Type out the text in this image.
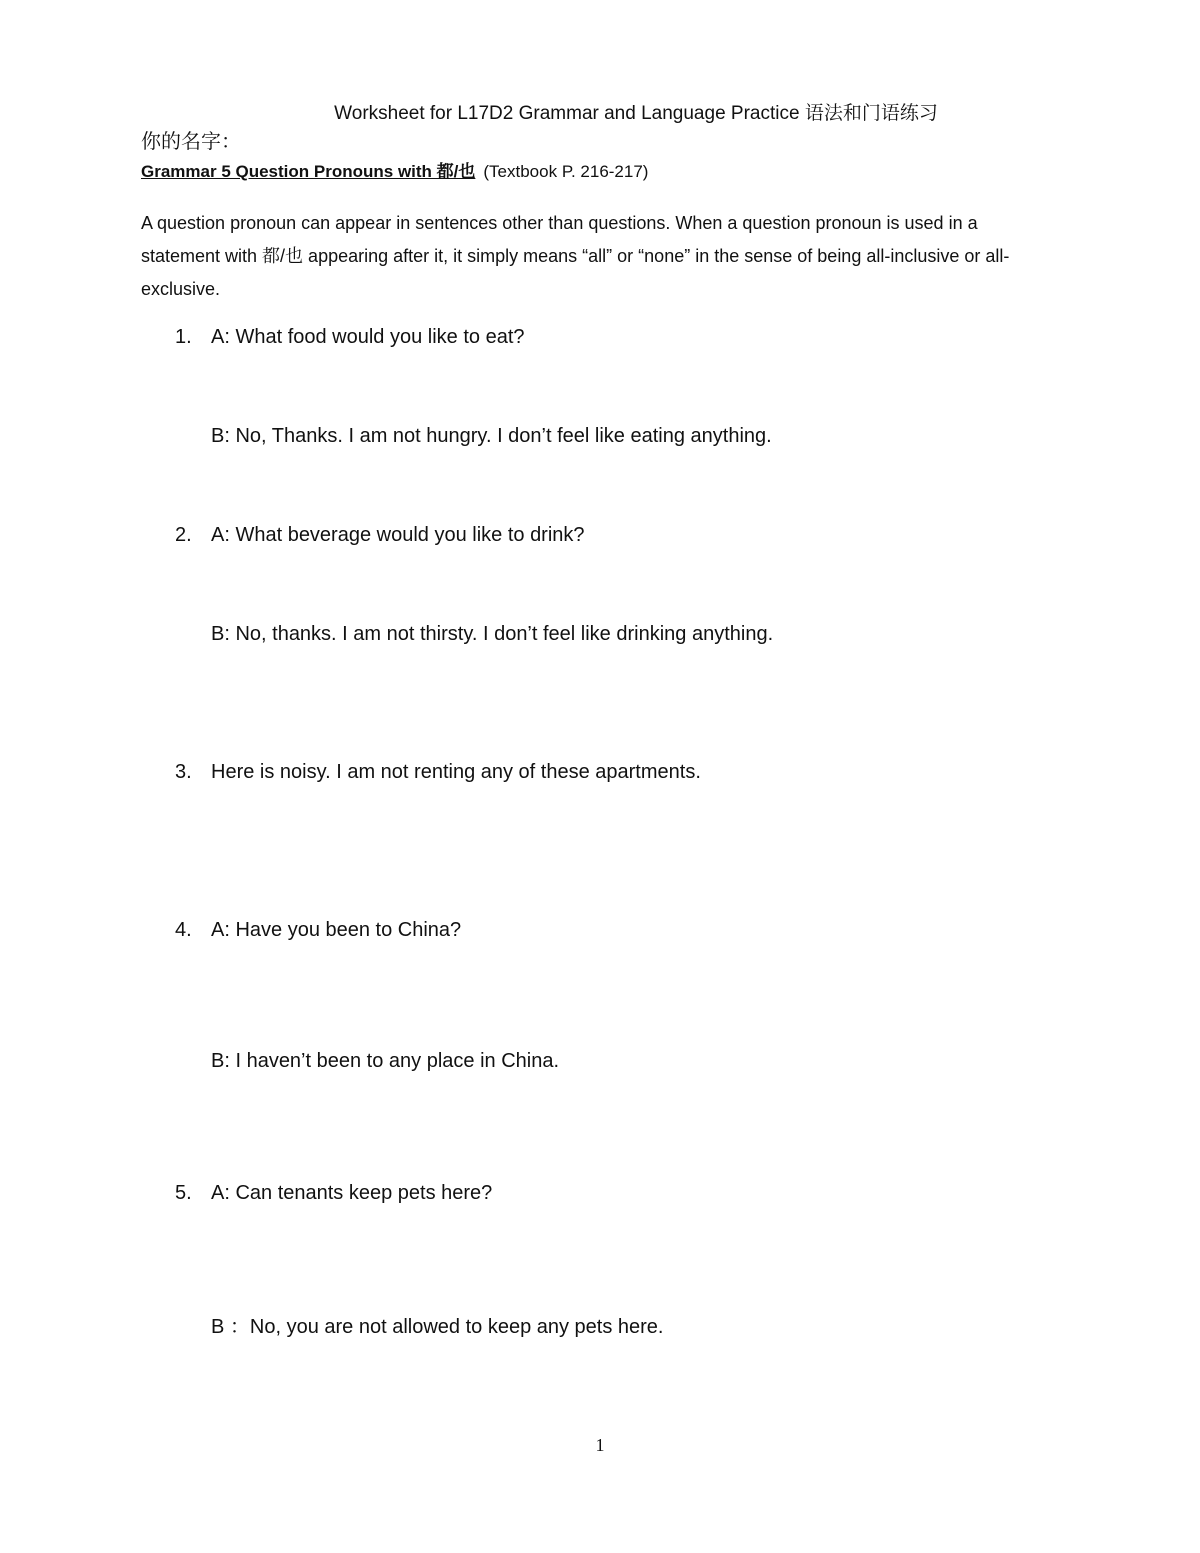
Worksheet for L17D2 Grammar and Language Practice 语法和门语练习
你的名字：
Grammar 5 Question Pronouns with 都/也 (Textbook P. 216-217)
A question pronoun can appear in sentences other than questions. When a question pronoun is used in a statement with 都/也 appearing after it, it simply means “all” or “none” in the sense of being all-inclusive or all-exclusive.
1. A: What food would you like to eat?
B: No, Thanks. I am not hungry. I don’t feel like eating anything.
2. A: What beverage would you like to drink?
B: No, thanks. I am not thirsty. I don’t feel like drinking anything.
3. Here is noisy. I am not renting any of these apartments.
4. A: Have you been to China?
B: I haven’t been to any place in China.
5. A: Can tenants keep pets here?
B ：No, you are not allowed to keep any pets here.
1
